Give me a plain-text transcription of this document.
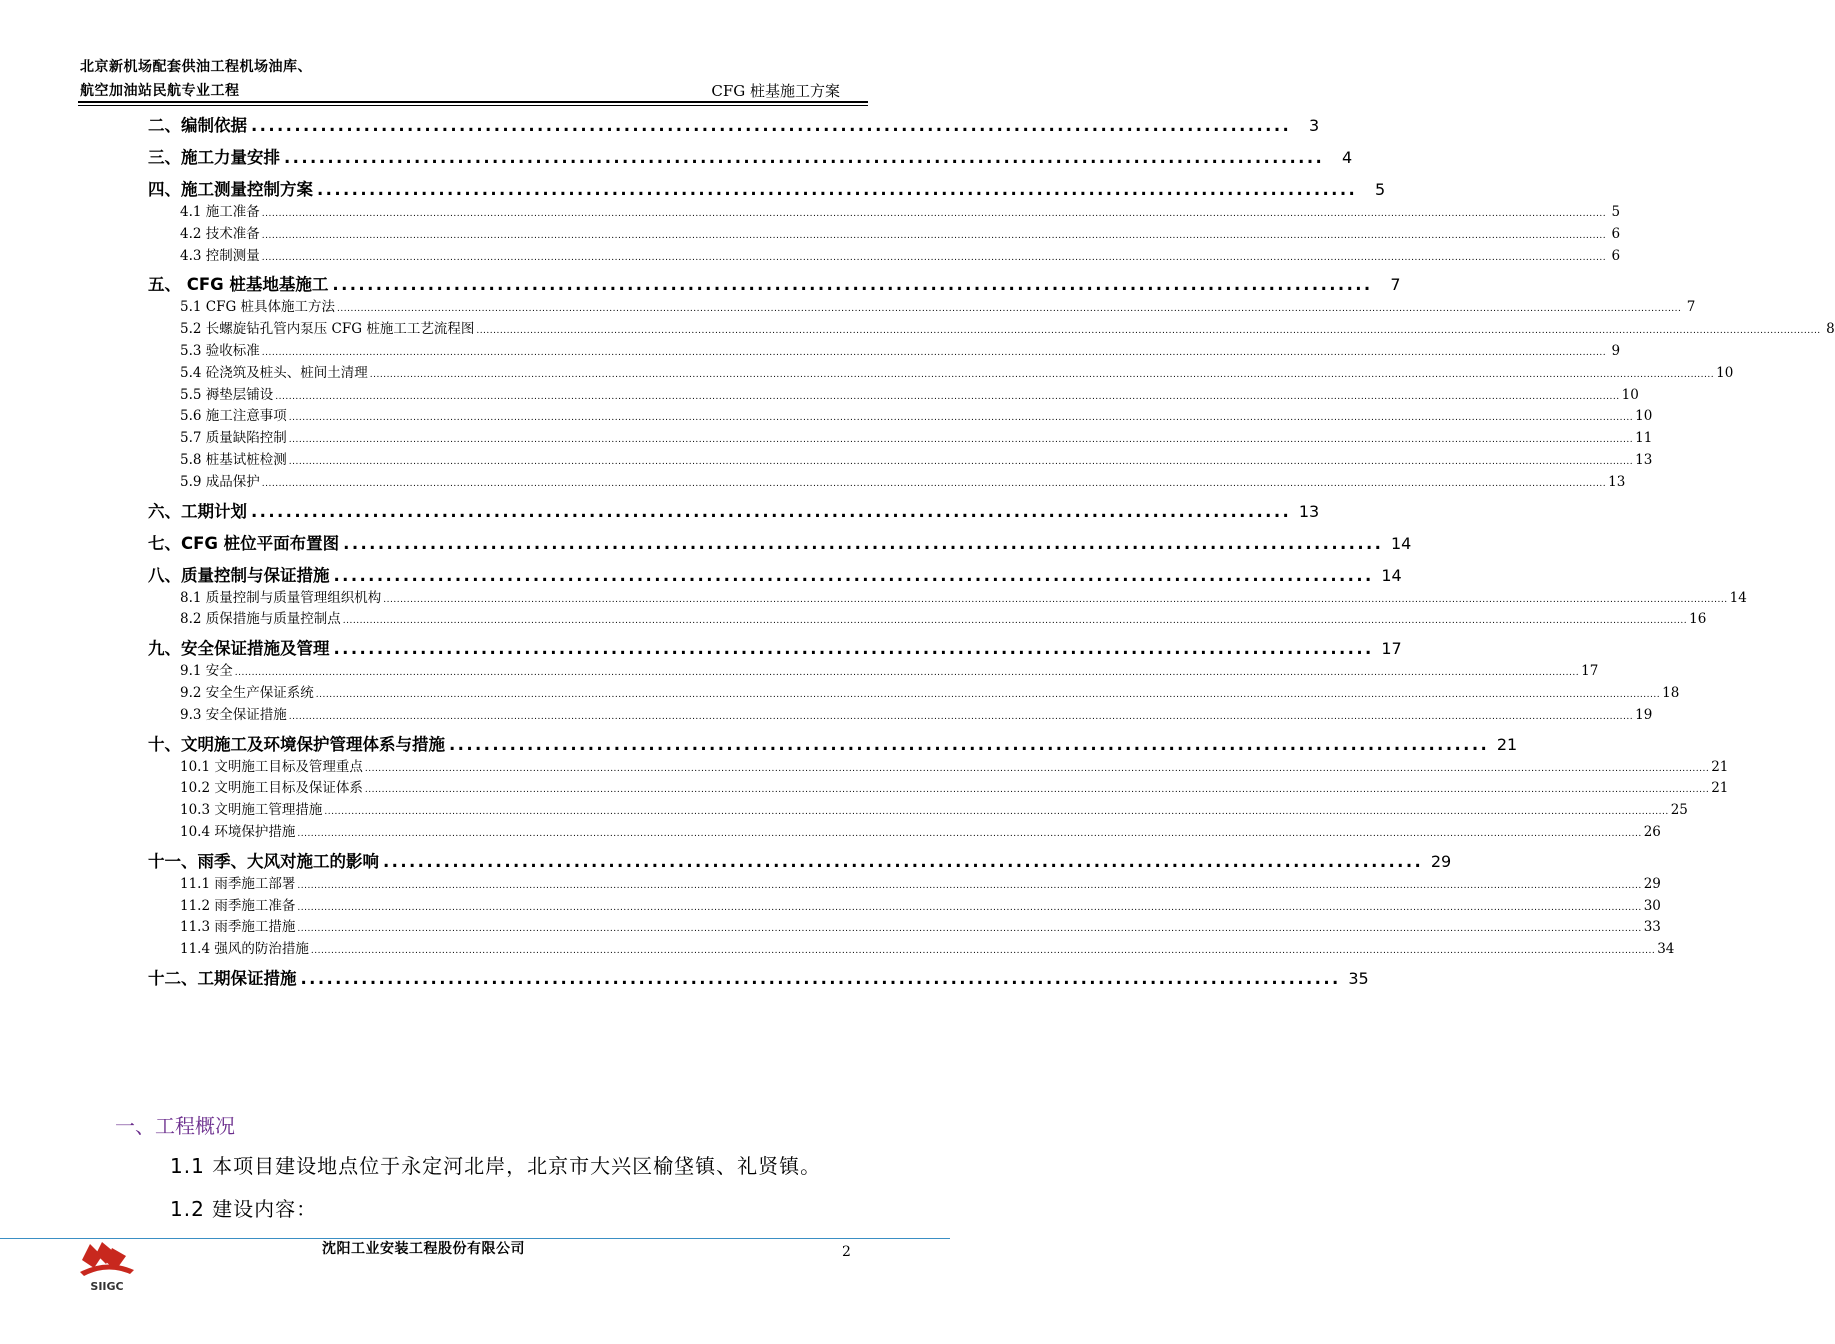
北京新机场配套供油工程机场油库、
航空加油站民航专业工程	CFG 桩基施工方案
二、编制依据 ........................................................................................................................	3
三、施工力量安排 ........................................................................................................................	4
四、施工测量控制方案 ........................................................................................................................	5
4.1 施工准备 ................................................................................................................................................................................................................................................................................................................................................................................................................ 5
4.2 技术准备 ................................................................................................................................................................................................................................................................................................................................................................................................................ 6
4.3 控制测量 ................................................................................................................................................................................................................................................................................................................................................................................................................ 6
五、 CFG 桩基地基施工 ........................................................................................................................	7
5.1 CFG 桩具体施工方法 ................................................................................................................................................................................................................................................................................................................................................................................................................ 7
5.2 长螺旋钻孔管内泵压 CFG 桩施工工艺流程图 ................................................................................................................................................................................................................................................................................................................................................................................................................ 8
5.3 验收标准 ................................................................................................................................................................................................................................................................................................................................................................................................................ 9
5.4 砼浇筑及桩头、桩间土清理 ................................................................................................................................................................................................................................................................................................................................................................................................................ 10
5.5 褥垫层铺设 ................................................................................................................................................................................................................................................................................................................................................................................................................ 10
5.6 施工注意事项 ................................................................................................................................................................................................................................................................................................................................................................................................................ 10
5.7 质量缺陷控制 ................................................................................................................................................................................................................................................................................................................................................................................................................ 11
5.8 桩基试桩检测 ................................................................................................................................................................................................................................................................................................................................................................................................................ 13
5.9 成品保护 ................................................................................................................................................................................................................................................................................................................................................................................................................ 13
六、工期计划 ........................................................................................................................ 13
七、CFG 桩位平面布置图 ........................................................................................................................ 14
八、质量控制与保证措施 ........................................................................................................................ 14
8.1 质量控制与质量管理组织机构 ................................................................................................................................................................................................................................................................................................................................................................................................................ 14
8.2 质保措施与质量控制点 ................................................................................................................................................................................................................................................................................................................................................................................................................ 16
九、安全保证措施及管理 ........................................................................................................................ 17
9.1 安全 ................................................................................................................................................................................................................................................................................................................................................................................................................ 17
9.2 安全生产保证系统 ................................................................................................................................................................................................................................................................................................................................................................................................................ 18
9.3 安全保证措施 ................................................................................................................................................................................................................................................................................................................................................................................................................ 19
十、文明施工及环境保护管理体系与措施 ........................................................................................................................ 21
10.1 文明施工目标及管理重点 ................................................................................................................................................................................................................................................................................................................................................................................................................ 21
10.2 文明施工目标及保证体系 ................................................................................................................................................................................................................................................................................................................................................................................................................ 21
10.3 文明施工管理措施 ................................................................................................................................................................................................................................................................................................................................................................................................................ 25
10.4 环境保护措施 ................................................................................................................................................................................................................................................................................................................................................................................................................ 26
十一、雨季、大风对施工的影响 ........................................................................................................................ 29
11.1 雨季施工部署 ................................................................................................................................................................................................................................................................................................................................................................................................................ 29
11.2 雨季施工准备 ................................................................................................................................................................................................................................................................................................................................................................................................................ 30
11.3 雨季施工措施 ................................................................................................................................................................................................................................................................................................................................................................................................................ 33
11.4 强风的防治措施 ................................................................................................................................................................................................................................................................................................................................................................................................................ 34
十二、工期保证措施 ........................................................................................................................ 35
一、工程概况
1.1 本项目建设地点位于永定河北岸，北京市大兴区榆垡镇、礼贤镇。
1.2 建设内容：
SIIGC
沈阳工业安装工程股份有限公司	2
